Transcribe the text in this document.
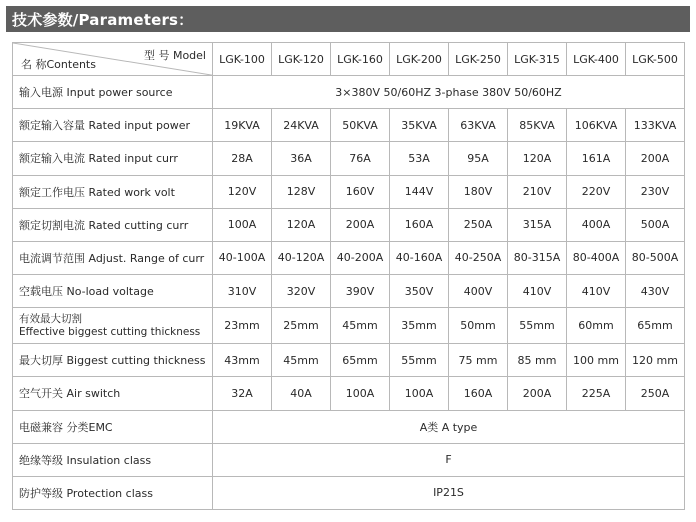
技术参数/Parameters：
型 号 Model
名 称Contents	LGK-100	LGK-120	LGK-160	LGK-200	LGK-250	LGK-315	LGK-400	LGK-500
输入电源 Input power source	3×380V 50/60HZ 3-phase 380V 50/60HZ							
额定输入容量 Rated input power	19KVA	24KVA	50KVA	35KVA	63KVA	85KVA	106KVA	133KVA
额定输入电流 Rated input curr	28A	36A	76A	53A	95A	120A	161A	200A
额定工作电压 Rated work volt	120V	128V	160V	144V	180V	210V	220V	230V
额定切割电流 Rated cutting curr	100A	120A	200A	160A	250A	315A	400A	500A
电流调节范围 Adjust. Range of curr	40-100A	40-120A	40-200A	40-160A	40-250A	80-315A	80-400A	80-500A
空载电压 No-load voltage	310V	320V	390V	350V	400V	410V	410V	430V

有效最大切割
Effective biggest cutting thickness	23mm	25mm	45mm	35mm	50mm	55mm	60mm	65mm
最大切厚 Biggest cutting thickness	43mm	45mm	65mm	55mm	75 mm	85 mm	100 mm	120 mm
空气开关 Air switch	32A	40A	100A	100A	160A	200A	225A	250A
电磁兼容 分类EMC	A类 A type							
绝缘等级 Insulation class	F							
防护等级 Protection class	IP21S							
